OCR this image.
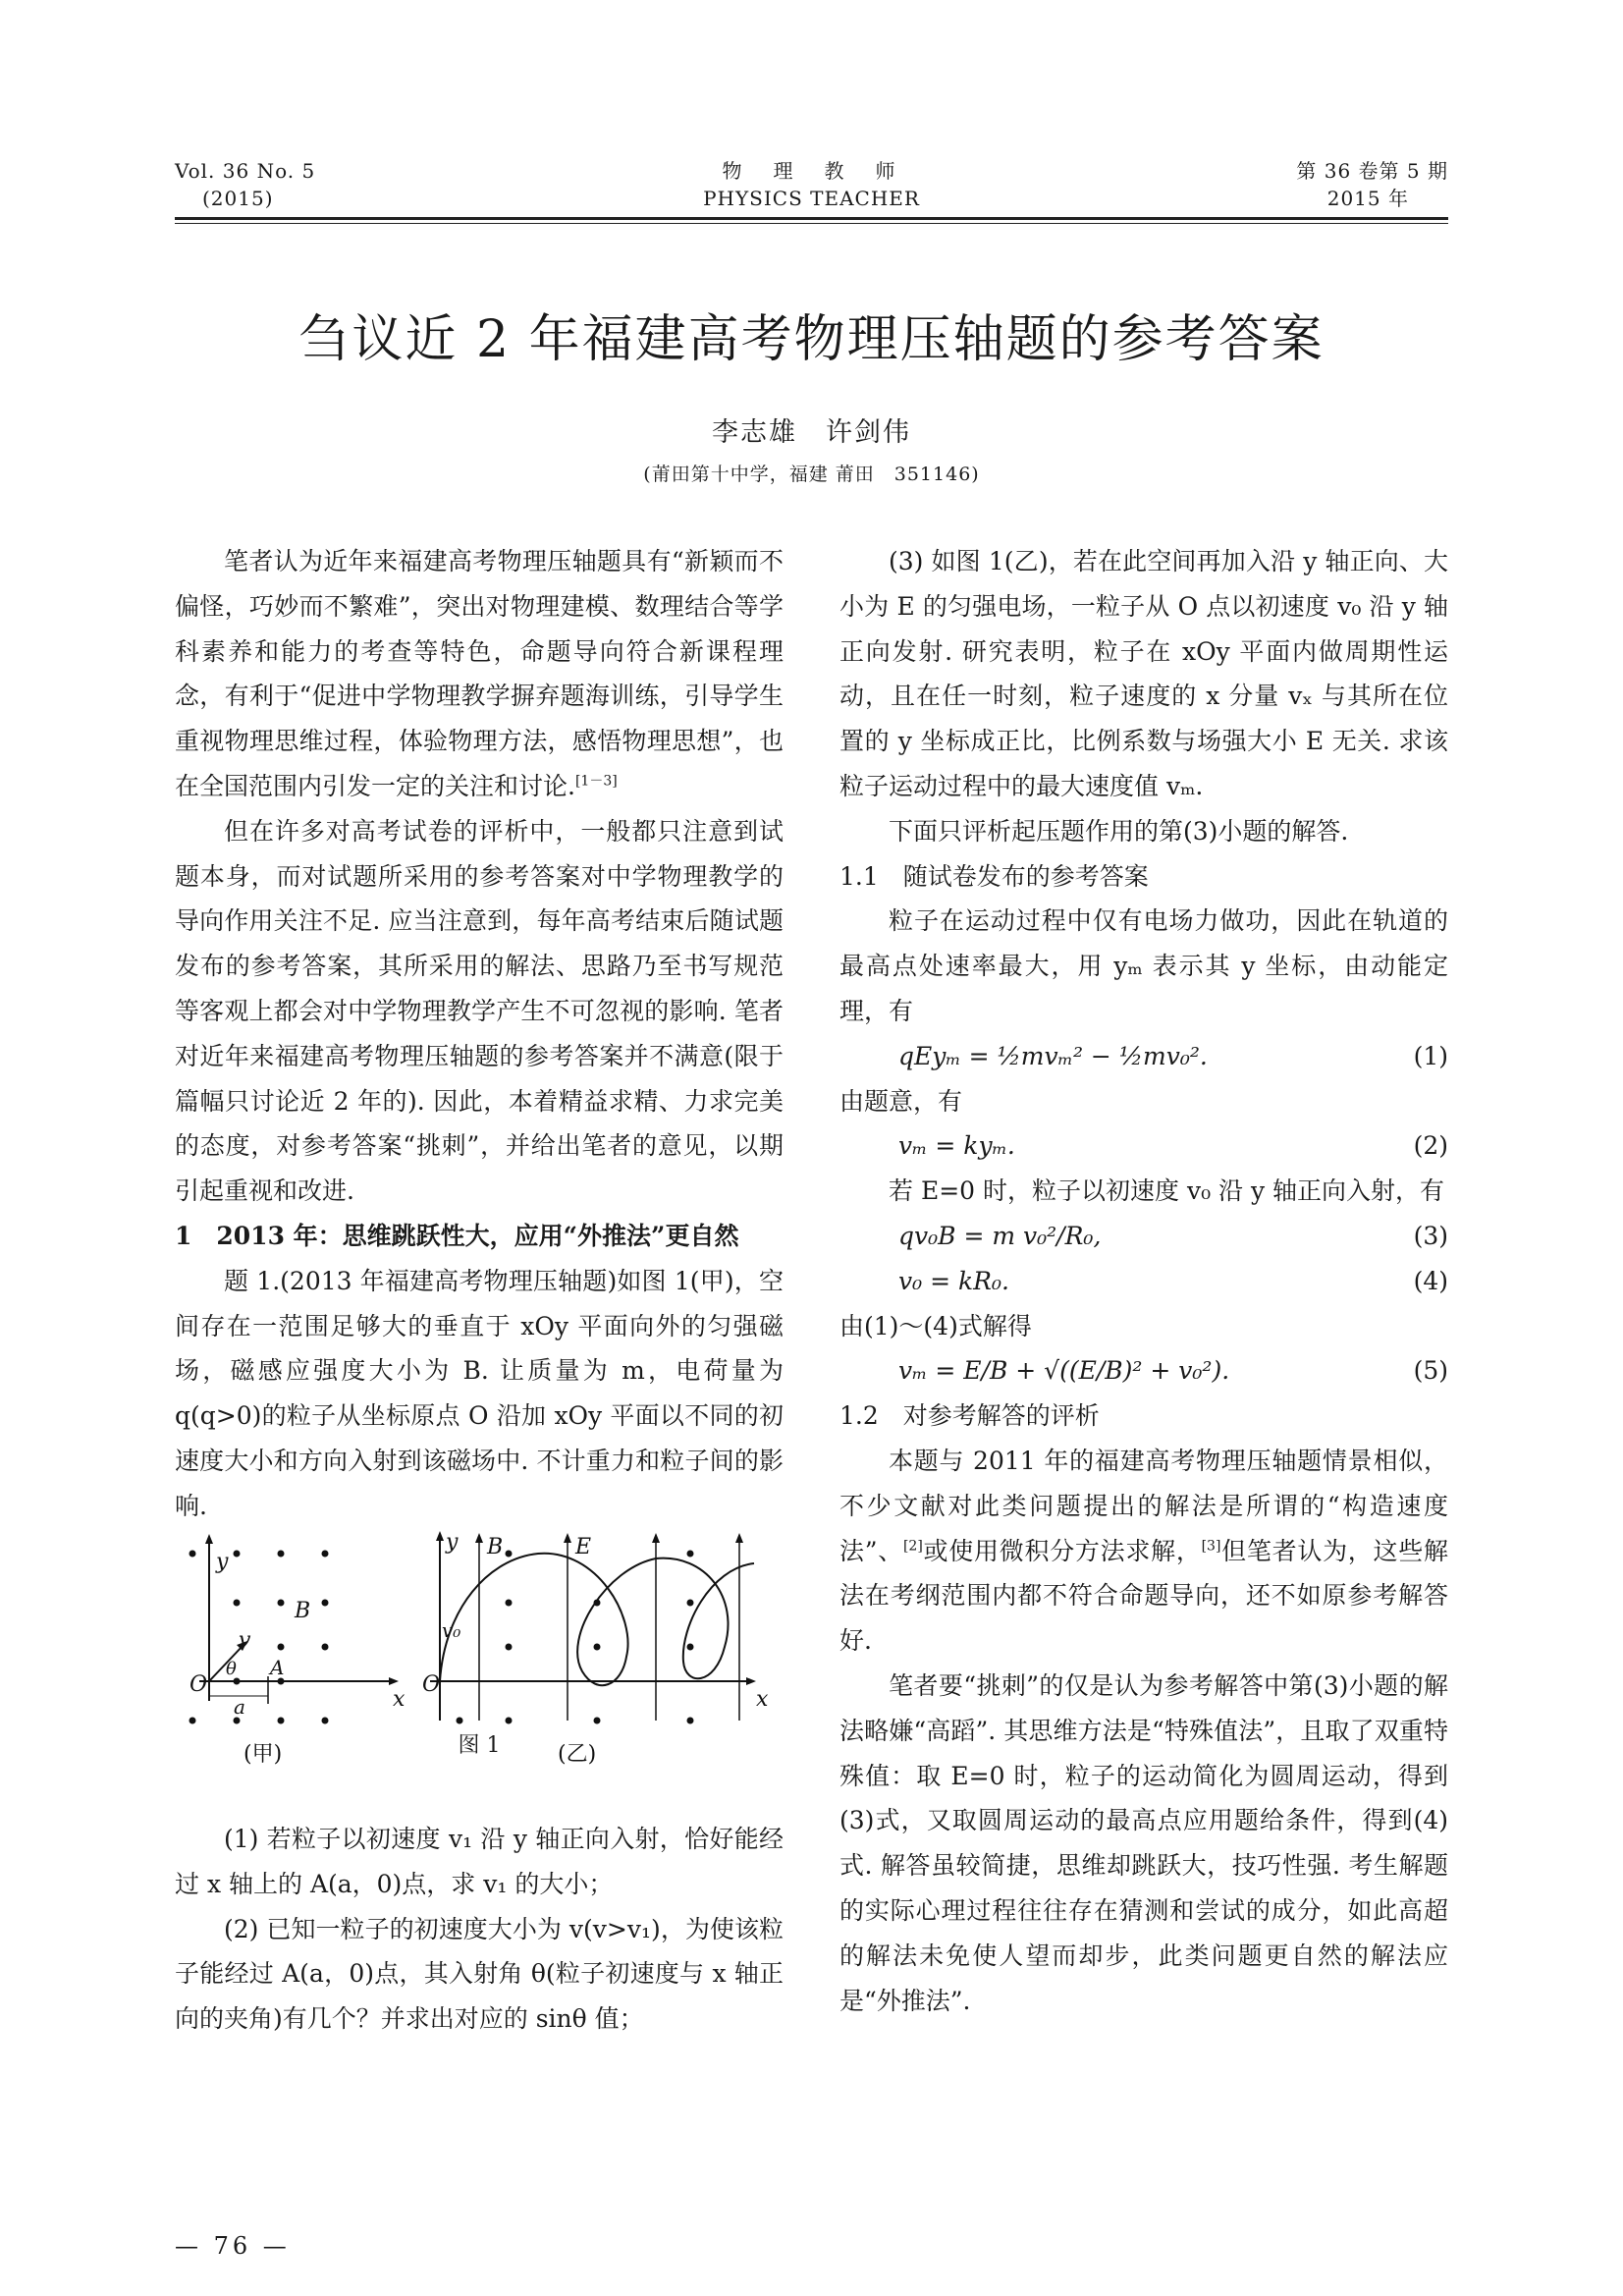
Vol. 36 No. 5
(2015)
物　理　教　师
PHYSICS TEACHER
第 36 卷第 5 期
2015 年
刍议近 2 年福建高考物理压轴题的参考答案
李志雄　许剑伟
(莆田第十中学，福建 莆田　351146)

笔者认为近年来福建高考物理压轴题具有“新颖而不偏怪，巧妙而不繁难”，突出对物理建模、数理结合等学科素养和能力的考查等特色，命题导向符合新课程理念，有利于“促进中学物理教学摒弃题海训练，引导学生重视物理思维过程，体验物理方法，感悟物理思想”，也在全国范围内引发一定的关注和讨论.[1－3]

但在许多对高考试卷的评析中，一般都只注意到试题本身，而对试题所采用的参考答案对中学物理教学的导向作用关注不足. 应当注意到，每年高考结束后随试题发布的参考答案，其所采用的解法、思路乃至书写规范等客观上都会对中学物理教学产生不可忽视的影响. 笔者对近年来福建高考物理压轴题的参考答案并不满意(限于篇幅只讨论近 2 年的). 因此，本着精益求精、力求完美的态度，对参考答案“挑刺”，并给出笔者的意见，以期引起重视和改进.

1　2013 年：思维跳跃性大，应用“外推法”更自然

题 1.(2013 年福建高考物理压轴题)如图 1(甲)，空间存在一范围足够大的垂直于 xOy 平面向外的匀强磁场，磁感应强度大小为 B. 让质量为 m，电荷量为 q(q>0)的粒子从坐标原点 O 沿加 xOy 平面以不同的初速度大小和方向入射到该磁场中. 不计重力和粒子间的影响.

y
O
x
v
θ A
a
B
(甲)
y B	E
v₀
O
x
(乙)
图 1

(1) 若粒子以初速度 v₁ 沿 y 轴正向入射，恰好能经过 x 轴上的 A(a，0)点，求 v₁ 的大小；

(2) 已知一粒子的初速度大小为 v(v>v₁)，为使该粒子能经过 A(a，0)点，其入射角 θ(粒子初速度与 x 轴正向的夹角)有几个？并求出对应的 sinθ 值；

(3) 如图 1(乙)，若在此空间再加入沿 y 轴正向、大小为 E 的匀强电场，一粒子从 O 点以初速度 v₀ 沿 y 轴正向发射. 研究表明，粒子在 xOy 平面内做周期性运动，且在任一时刻，粒子速度的 x 分量 vₓ 与其所在位置的 y 坐标成正比，比例系数与场强大小 E 无关. 求该粒子运动过程中的最大速度值 vₘ.

下面只评析起压题作用的第(3)小题的解答.

1.1　随试卷发布的参考答案

粒子在运动过程中仅有电场力做功，因此在轨道的最高点处速率最大，用 yₘ 表示其 y 坐标，由动能定理，有

qEyₘ = ½mvₘ² − ½mv₀².	(1)

由题意，有

vₘ = kyₘ.	(2)

若 E=0 时，粒子以初速度 v₀ 沿 y 轴正向入射，有

qv₀B = m v₀²/R₀,	(3)

v₀ = kR₀.	(4)

由(1)～(4)式解得

vₘ = E/B + √((E/B)² + v₀²).	(5)

1.2　对参考解答的评析

本题与 2011 年的福建高考物理压轴题情景相似，不少文献对此类问题提出的解法是所谓的“构造速度法”、[2]或使用微积分方法求解，[3]但笔者认为，这些解法在考纲范围内都不符合命题导向，还不如原参考解答好.

笔者要“挑刺”的仅是认为参考解答中第(3)小题的解法略嫌“高蹈”. 其思维方法是“特殊值法”，且取了双重特殊值：取 E=0 时，粒子的运动简化为圆周运动，得到(3)式，又取圆周运动的最高点应用题给条件，得到(4)式. 解答虽较简捷，思维却跳跃大，技巧性强. 考生解题的实际心理过程往往存在猜测和尝试的成分，如此高超的解法未免使人望而却步，此类问题更自然的解法应是“外推法”.

— 76 —
